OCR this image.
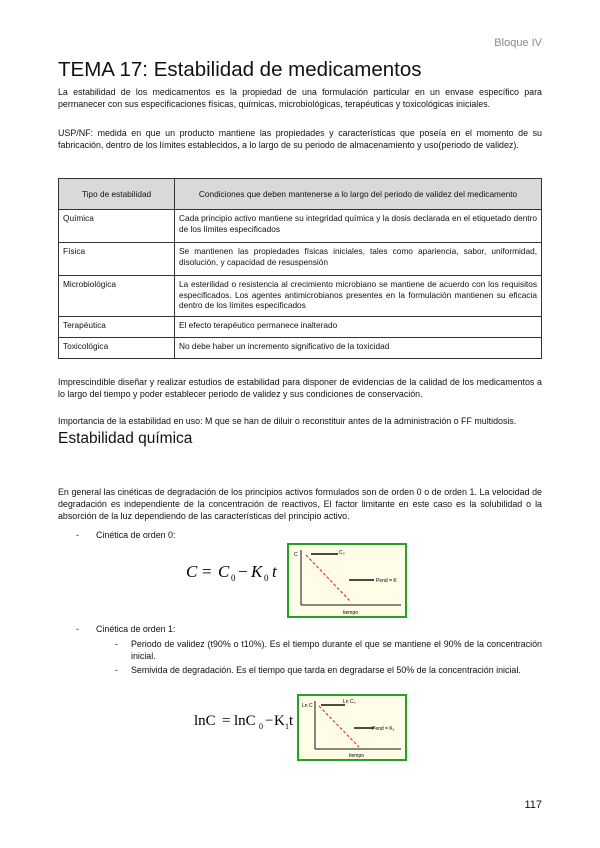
Bloque IV
TEMA 17: Estabilidad de medicamentos
La estabilidad de los medicamentos es la propiedad de una formulación particular en un envase específico para permanecer con sus especificaciones físicas, químicas, microbiológicas, terapéuticas y toxicológicas iniciales.
USP/NF: medida en que un producto mantiene las propiedades y características que poseía en el momento de su fabricación, dentro de los límites establecidos, a lo largo de su periodo de almacenamiento y uso(periodo de validez).
Tipo de estabilidad	Condiciones que deben mantenerse a lo largo del periodo de validez del medicamento
Química	Cada principio activo mantiene su integridad química y la dosis declarada en el etiquetado dentro de los límites especificados
Física	Se mantienen las propiedades físicas iniciales, tales como apariencia, sabor, uniformidad, disolución, y capacidad de resuspensión
Microbiológica	La esterilidad o resistencia al crecimiento microbiano se mantiene de acuerdo con los requisitos especificados. Los agentes antimicrobianos presentes en la formulación mantienen su eficacia dentro de los límites especificados
Terapéutica	El efecto terapéutico permanece inalterado
Toxicológica	No debe haber un incremento significativo de la toxicidad
Imprescindible diseñar y realizar estudios de estabilidad para disponer de evidencias de la calidad de los medicamentos a lo largo del tiempo y poder establecer periodo de validez y sus condiciones de conservación.
Importancia de la estabilidad en uso: M que se han de diluir o reconstituir antes de la administración o FF multidosis.
Estabilidad química
En general las cinéticas de degradación de los principios activos formulados son de orden 0 o de orden 1. La velocidad de degradación es independiente de la concentración de reactivos, El factor limitante en este caso es la solubilidad o la absorción de la luz dependiendo de las características del principio activo.
- Cinética de orden 0:
C = C 0 − K 0 t
C	C₀
Pend = K
tiempo
- Cinética de orden 1:
- Periodo de validez (t90% o t10%). Es el tiempo durante el que se mantiene el 90% de la concentración inicial.
- Semivida de degradación. Es el tiempo que tarda en degradarse el 50% de la concentración inicial.
lnC = lnC 0 − K 1 t
Ln C
Ln C₀
Pend = K₁
tiempo
117
